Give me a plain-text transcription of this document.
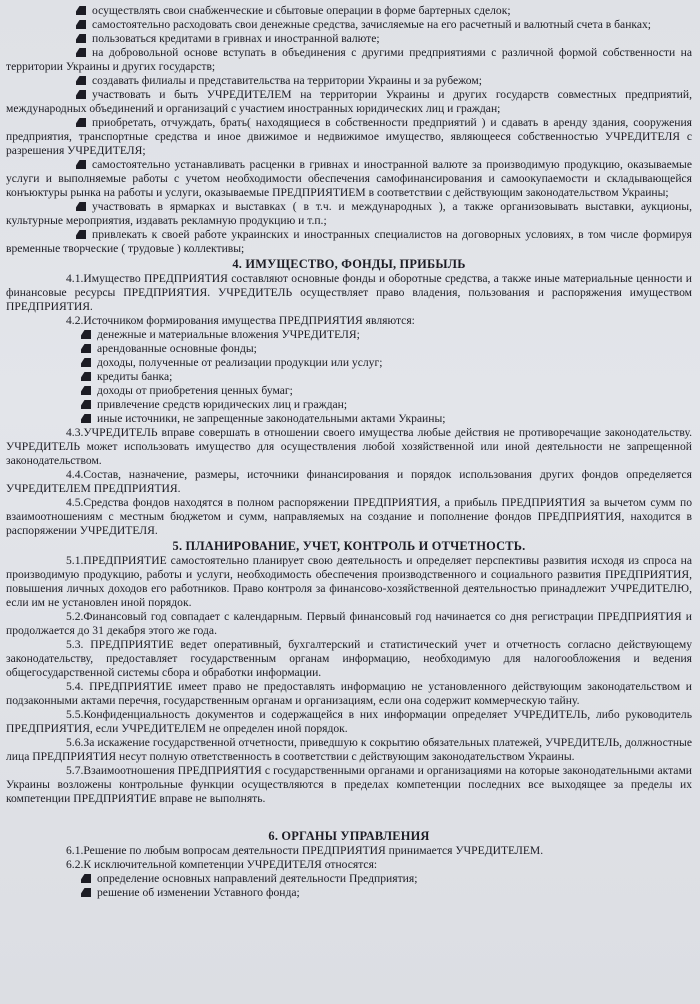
осуществлять свои снабженческие и сбытовые операции в форме бартерных сделок;

самостоятельно расходовать свои денежные средства, зачисляемые на его расчетный и валютный счета в банках;

пользоваться кредитами в гривнах и иностранной валюте;

на добровольной основе вступать в объединения с другими предприятиями с различной формой собственности на территории Украины и других государств;

создавать филиалы и представительства на территории Украины и за рубежом;

участвовать и быть УЧРЕДИТЕЛЕМ на территории Украины и других государств совместных предприятий, международных объединений и организаций с участием иностранных юридических лиц и граждан;

приобретать, отчуждать, брать( находящиеся в собственности предприятий ) и сдавать в аренду здания, сооружения предприятия, транспортные средства и иное движимое и недвижимое имущество, являющееся собственностью УЧРЕДИТЕЛЯ с разрешения УЧРЕДИТЕЛЯ;

самостоятельно устанавливать расценки в гривнах и иностранной валюте за производимую продукцию, оказываемые услуги и выполняемые работы с учетом необходимости обеспечения самофинансирования и самоокупаемости и складывающейся конъюктуры рынка на работы и услуги, оказываемые ПРЕДПРИЯТИЕМ в соответствии с действующим законодательством Украины;

участвовать в ярмарках и выставках ( в т.ч. и международных ), а также организовывать выставки, аукционы, культурные мероприятия, издавать рекламную продукцию и т.п.;

привлекать к своей работе украинских и иностранных специалистов на договорных условиях, в том числе формируя временные творческие ( трудовые ) коллективы;

4. ИМУЩЕСТВО, ФОНДЫ, ПРИБЫЛЬ

4.1.Имущество ПРЕДПРИЯТИЯ составляют основные фонды и оборотные средства, а также иные материальные ценности и финансовые ресурсы ПРЕДПРИЯТИЯ. УЧРЕДИТЕЛЬ осуществляет право владения, пользования и распоряжения имуществом ПРЕДПРИЯТИЯ.

4.2.Источником формирования имущества ПРЕДПРИЯТИЯ являются:

денежные и материальные вложения УЧРЕДИТЕЛЯ;

арендованные основные фонды;

доходы, полученные от реализации продукции или услуг;

кредиты банка;

доходы от приобретения ценных бумаг;

привлечение средств юридических лиц и граждан;

иные источники, не запрещенные законодательными актами Украины;

4.3.УЧРЕДИТЕЛЬ вправе совершать в отношении своего имущества любые действия не противоречащие законодательству. УЧРЕДИТЕЛЬ может использовать имущество для осуществления любой хозяйственной или иной деятельности не запрещенной законодательством.

4.4.Состав, назначение, размеры, источники финансирования и порядок использования других фондов определяется УЧРЕДИТЕЛЕМ ПРЕДПРИЯТИЯ.

4.5.Средства фондов находятся в полном распоряжении ПРЕДПРИЯТИЯ, а прибыль ПРЕДПРИЯТИЯ за вычетом сумм по взаимоотношениям с местным бюджетом и сумм, направляемых на создание и пополнение фондов ПРЕДПРИЯТИЯ, находится в распоряжении УЧРЕДИТЕЛЯ.

5. ПЛАНИРОВАНИЕ, УЧЕТ, КОНТРОЛЬ И ОТЧЕТНОСТЬ.

5.1.ПРЕДПРИЯТИЕ самостоятельно планирует свою деятельность и определяет перспективы развития исходя из спроса на производимую продукцию, работы и услуги, необходимость обеспечения производственного и социального развития ПРЕДПРИЯТИЯ, повышения личных доходов его работников. Право контроля за финансово-хозяйственной деятельностью принадлежит УЧРЕДИТЕЛЮ, если им не установлен иной порядок.

5.2.Финансовый год совпадает с календарным. Первый финансовый год начинается со дня регистрации ПРЕДПРИЯТИЯ и продолжается до 31 декабря этого же года.

5.3. ПРЕДПРИЯТИЕ ведет оперативный, бухгалтерский и статистический учет и отчетность согласно действующему законодательству, предоставляет государственным органам информацию, необходимую для налогообложения и ведения общегосударственной системы сбора и обработки информации.

5.4. ПРЕДПРИЯТИЕ имеет право не предоставлять информацию не установленного действующим законодательством и подзаконными актами перечня, государственным органам и организациям, если она содержит коммерческую тайну.

5.5.Конфиденциальность документов и содержащейся в них информации определяет УЧРЕДИТЕЛЬ, либо руководитель ПРЕДПРИЯТИЯ, если УЧРЕДИТЕЛЕМ не определен иной порядок.

5.6.За искажение государственной отчетности, приведшую к сокрытию обязательных платежей, УЧРЕДИТЕЛЬ, должностные лица ПРЕДПРИЯТИЯ несут полную ответственность в соответствии с действующим законодательством Украины.

5.7.Взаимоотношения ПРЕДПРИЯТИЯ с государственными органами и организациями на которые законодательными актами Украины возложены контрольные функции осуществляются в пределах компетенции последних все выходящее за пределы их компетенции ПРЕДПРИЯТИЕ вправе не выполнять.

6. ОРГАНЫ УПРАВЛЕНИЯ

6.1.Решение по любым вопросам деятельности ПРЕДПРИЯТИЯ принимается УЧРЕДИТЕЛЕМ.

6.2.К исключительной компетенции УЧРЕДИТЕЛЯ относятся:

определение основных направлений деятельности Предприятия;

решение об изменении Уставного фонда;
